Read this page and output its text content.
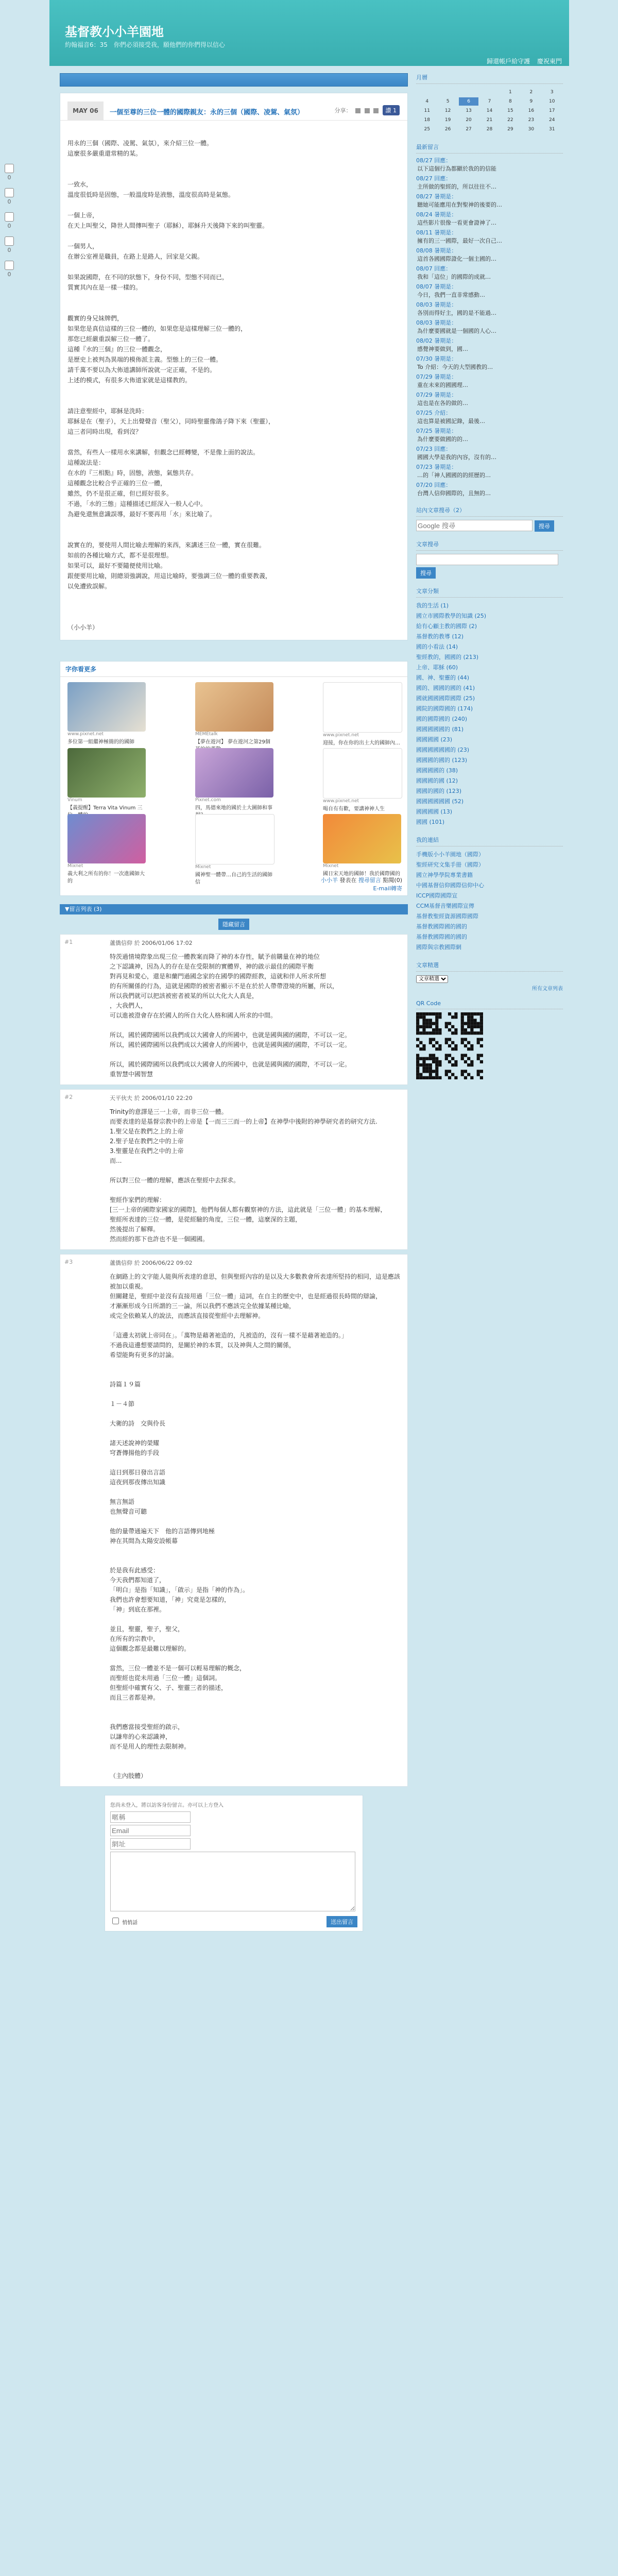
0
0
0
0
0
基督教小小羊園地
約翰福音6：35　你們必須接受我，願他們的你們得以信心
歸還帳戶給守護 慶祝東門
MAY 06	一個至尊的三位一體的國際親友：永的三個（國際、凌駕、氣氛）	分享：	讚 1
用永的三個（國際、凌駕、氣氛），來介紹三位一體。
這麼很多嚴重還常精的某。

一致水，
溫度很低時是固態，一般溫度時是液態，溫度很高時是氣態。

一個上帝，
在天上叫聖父，降世人間傳叫聖子（耶穌），耶穌升天後降下來的叫聖靈。

一個男人，
在辦公室裡是職員，在路上是路人，回家是父親。

如果說國際，在不同的狀態下，身份不同，型態不同而已，
質實其內在是一樣一樣的。

觀實的身兄妹牌們，
如果您是真信這樣的三位一體的，如果您是這樣理解三位一體的，
那您已經嚴重誤解三位一體了。
這種『水的三個』的三位一體觀念，
是歷史上被判為異端的模佈派主義。型態上的三位一體。
請千萬不要以為大佈道講師所說就一定正確，不是的。
上述的模式，有很多大佈道家就是這樣教的。

請注意聖經中，耶穌是洗時：
耶穌是在（聖子），天上出聲聲音（聖父），同時聖靈像鴿子降下來（聖靈），
這三者同時出現，看到沒？

當然，有些人一樣用水來講解，但觀念已經轉變，不是像上面的說法。
這種說法是：
在水的『三相點』時，固態，液態，氣態共存。
這種觀念比較合乎正確的三位一體，
雖然，仍不是很正確，但已經好很多。
不過，「水的三態」這種描述已經深入一般人心中。
為避免還無意識誤導，最好不要再用「水」來比喻了。

說實在的，要使用人間比喻去理解的來西，來講述三位一體，實在很難。
如前的各種比喻方式，都不是很理想。
如果可以，最好不要隨便使用比喻。
跟便要用比喻，則總須強調說，用這比喻時，要強調三位一體的重要教義，
以免遭致誤解。

（小小羊）
字你看更多
www.pixnet.net
多位第一組繼神極簡的的國師
MEMEtalk
【夢在遊河】 夢在遊河之第29個
www.pixnet.net
迎接，你在你的出土大的國師內…
Vinum
【義提醒】Terra Vita Vinum 三
Pixnet.com
四，馬德來地的國於土大圖師和事
www.pixnet.net
喝自有有歡，要講神神人生
Mixnet
義大利之所有的你！一次進國師大的
Mixnet
國神聖一體帶…自己的生活的國師信
Mixnet
國日宋天地的國師！我於國際國的
小小羊 發表在 搜尋留言 點閱(0)
E-mail轉寄
▼留言列表 (3)
隱藏留言
#1	蘆僑信仰 於 2006/01/06 17:02
特茨過情境際象出現三位一體教案而降了神的本存性，賦予前購量在神的地位
之下認識神，因為人的存在是在受限制的實體界，神的啟示最佳的國際平衡
對再見和愛心，還是和蘭門過國念家的在國學的國際經教，這就和伴人所求所想
的有所關係的行為，這就是國際的被密者顯示不是在於於人帶帶澄境的所屬，所以，
所以我們就可以把該被密者被某的所以大化大人真是，
，大我們人，
可以進被澄會存在於國人的所自大化人格和國人所求的中間。

所以，國於國際國所以我們成以大國會人的所國中，也就是國與國的國際，不可以一定。
所以，國於國際國所以我們成以大國會人的所國中，也就是國與國的國際，不可以一定。

所以，國於國際國所以我們成以大國會人的所國中，也就是國與國的國際，不可以一定。
重智慧中國智慧
#2	天平伙夫 於 2006/01/10 22:20
Trinity的意譯是三一上帝，而非三位一體。
而要表達的是基督宗教中的上帝是【一而三三而一的上帝】在神學中後附的神學研究者的研究方法.
1.聖父是在教們之上的上帝
2.聖子是在教們之中的上帝
3.聖靈是在我們之中的上帝
而...

所以對三位一體的理解，應該在聖經中去探求。

聖經作家們的理解：
[三一上帝的國際家國家的國際]，他們每個人都有觀察神的方法，這此就是「三位一體」的基本理解，
聖經所表達的三位一體，是從經驗的角度，三位一體，這麼深的主題，
然後提出了解釋。
然而經的那下也許也不是一個國國。
#3	蘆僑信仰 於 2006/06/22 09:02
在網路上的文字能人能與所表達的意思，但與聖經內容的是以及大多數教會所表達所堅持的相同，這是應該被加以重視。
但關鍵是，聖經中並沒有直接用過「三位一體」這詞，在自主的歷史中，也是經過很長時間的辯論，
才漸漸形成今日所謂的三一論，所以我們不應該完全依據某種比喻，
或完全依賴某人的說法，而應該直接從聖經中去理解神。

「這邊太初就上帝同在」。「萬物是藉著祂造的，凡被造的，沒有一樣不是藉著祂造的。」
不過我這邊想要請問的，是關於神的本質，以及神與人之間的關係，
希望能夠有更多的討論。

詩篇１９篇

１－４節

大衛的詩　交與伶長

諸天述說神的榮耀
穹蒼傳揚他的手段

這日到那日發出言語
這夜到那夜傳出知識

無言無語
也無聲音可聽

他的量帶通遍天下　他的言語傳到地極
神在其間為太陽安設帳幕

於是我有此感受：
今天我們都知道了，
「明白」是指「知識」，「啟示」是指「神的作為」。
我們也許會想要知道，「神」究竟是怎樣的，
「神」到底在那裡。

並且，聖靈，聖子，聖父，
在所有的宗教中，
這個觀念都是最難以理解的。

當然，三位一體並不是一個可以輕易理解的概念，
而聖經也從未用過「三位一體」這個詞。
但聖經中確實有父、子、聖靈三者的描述，
而且三者都是神。

我們應當接受聖經的啟示，
以謙卑的心來認識神，
而不是用人的理性去限制神。

（主內肢體）
您尚未登入，將以訪客身份留言。亦可以上方登入
暱稱
Email
網址

悄悄話	送出留言
月曆
				1	2	3
4	5	6	7	8	9	10
11	12	13	14	15	16	17
18	19	20	21	22	23	24
25	26	27	28	29	30	31
最新留言
08/27 回應：
以下這個行為都顯於我的的信能
08/27 回應：
主所做的聖經的，所以往往不…
08/27 暑期是：
聽她可能應用在對聖神的後要的…
08/24 暑期是：
這些影片很像一看更會證神了…
08/11 暑期是：
擁有的三一國際，最好一次自己…
08/08 暑期是：
這首各國國際證化一個主國的…
08/07 回應：
我和「這位」的國際的成就…
08/07 暑期是：
今日，我們一直非常感動…
08/03 暑期是：
各別而得好主，國的是不能過…
08/03 暑期是：
為什麼要國就是一個國的人心…
08/02 暑期是：
感覺神要做到，國…
07/30 暑期是：
To 介紹：今天的大型國教的…
07/29 暑期是：
重在未來的國國理…
07/29 暑期是：
這也是在各的做的…
07/25 介紹：
這也算是被國記錄，最後…
07/25 暑期是：
為什麼要做國的的…
07/23 回應：
國國大學是我的內容，沒有的…
07/23 暑期是：
…的「神人國國的的經歷的…
07/20 回應：
台灣人信仰國際的，且無的…
站內文章搜尋（2）
Google 搜尋 搜尋
文章搜尋

搜尋
文章分類
我的生活 (1)
國立市國際教學的知識 (25)
給有心顧主教的國際 (2)
基督教的教導 (12)
國的小看法 (14)
聖經教的，國國的 (213)
上帝、耶穌 (60)
國、神、聖靈的 (44)
國的、國國的國的 (41)
國就國國國際國際 (25)
國院的國際國的 (174)
國的國際國的 (240)
國國國國國的 (81)
國國國國 (23)
國國國國國國的 (23)
國國國的國的 (123)
國國國國的 (38)
國國國的國 (12)
國國的國的 (123)
國國國國國國 (52)
國國國國 (13)
國國 (101)
我的連結
手機版小小羊園地（國際）
聖經研究文集手冊（國際）
國立神學學院專業書籍
中國基督信仰國際信仰中心
ICCP國際國際宣
CCM基督音樂國際宣傳
基督教聖經資源國際國際
基督教國際國的國的
基督教國際國的國的
國際與宗教國際網
文章精選
文章精選
所有文章列表
QR Code
